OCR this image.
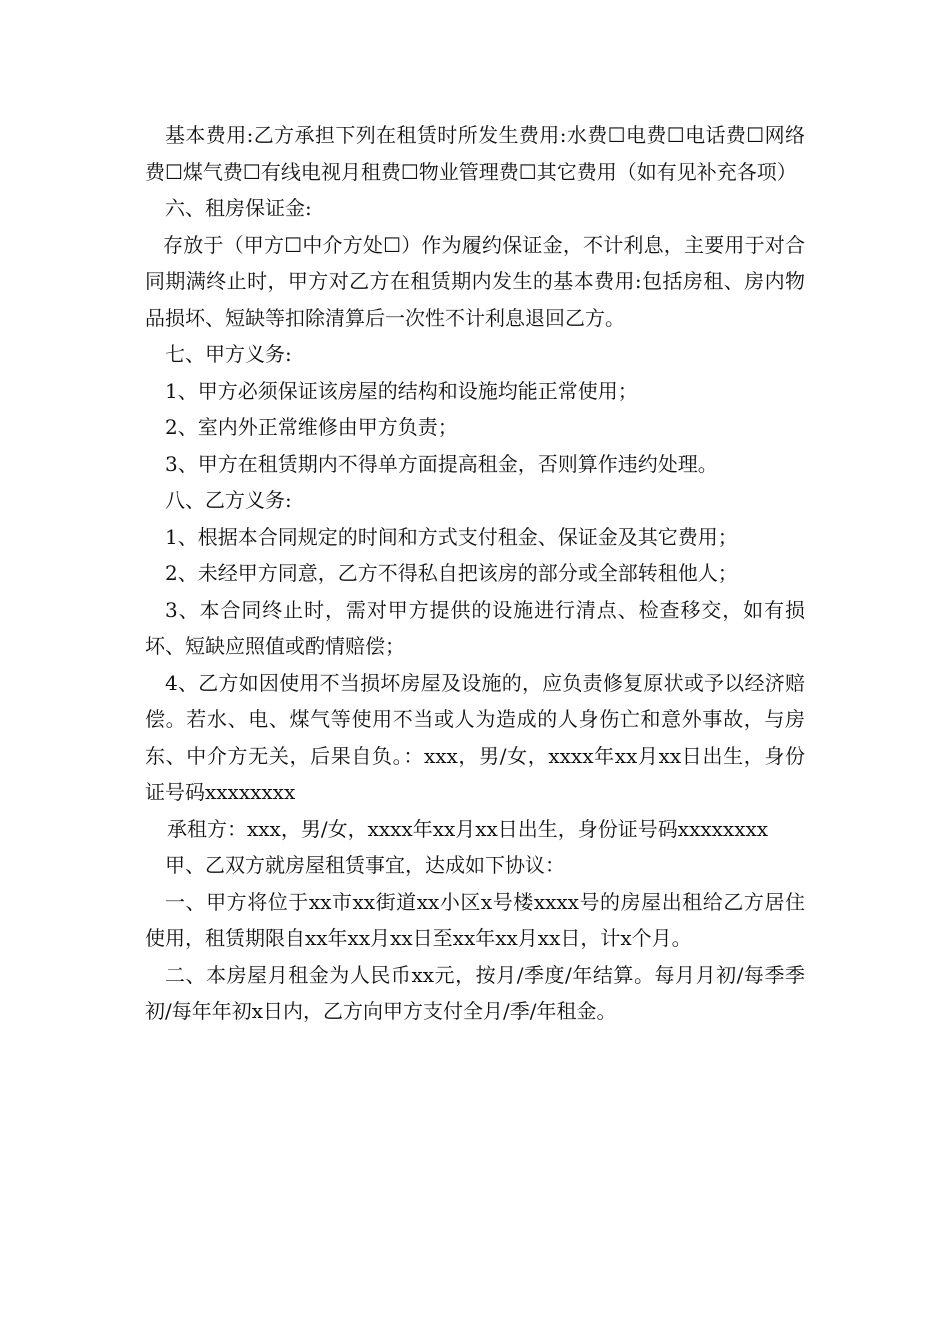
基本费用:乙方承担下列在租赁时所发生费用:水费☐电费☐电话费☐网络费☐煤气费☐有线电视月租费☐物业管理费☐其它费用（如有见补充各项）

六、租房保证金:

存放于（甲方☐中介方处☐）作为履约保证金，不计利息，主要用于对合同期满终止时，甲方对乙方在租赁期内发生的基本费用:包括房租、房内物品损坏、短缺等扣除清算后一次性不计利息退回乙方。

七、甲方义务:

1、甲方必须保证该房屋的结构和设施均能正常使用；

2、室内外正常维修由甲方负责；

3、甲方在租赁期内不得单方面提高租金，否则算作违约处理。

八、乙方义务:

1、根据本合同规定的时间和方式支付租金、保证金及其它费用；

2、未经甲方同意，乙方不得私自把该房的部分或全部转租他人；

3、本合同终止时，需对甲方提供的设施进行清点、检查移交，如有损坏、短缺应照值或酌情赔偿；

4、乙方如因使用不当损坏房屋及设施的，应负责修复原状或予以经济赔偿。若水、电、煤气等使用不当或人为造成的人身伤亡和意外事故，与房东、中介方无关，后果自负。：xxx，男/女，xxxx年xx月xx日出生，身份证号码xxxxxxxx

承租方：xxx，男/女，xxxx年xx月xx日出生，身份证号码xxxxxxxx

甲、乙双方就房屋租赁事宜，达成如下协议：

一、甲方将位于xx市xx街道xx小区x号楼xxxx号的房屋出租给乙方居住使用，租赁期限自xx年xx月xx日至xx年xx月xx日，计x个月。

二、本房屋月租金为人民币xx元，按月/季度/年结算。每月月初/每季季初/每年年初x日内，乙方向甲方支付全月/季/年租金。
